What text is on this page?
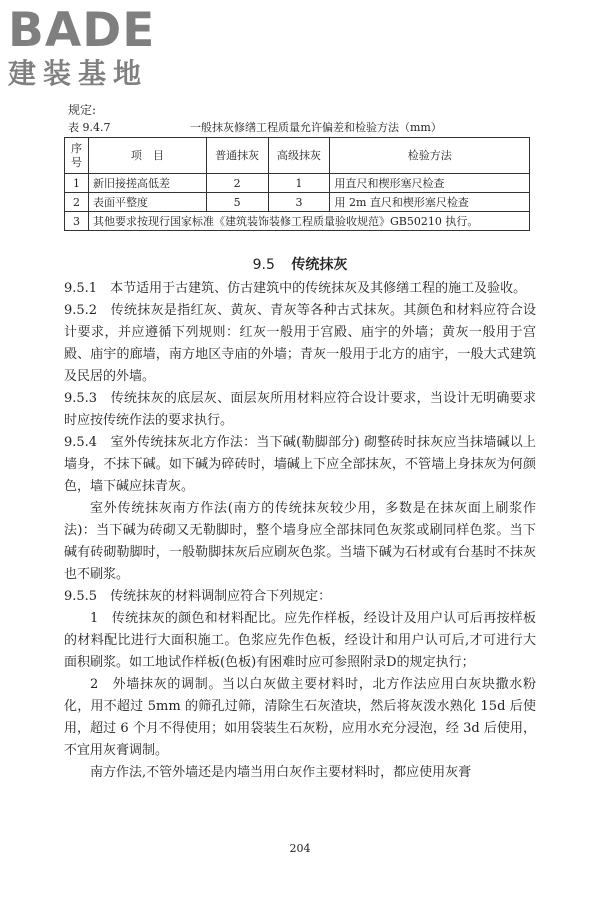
BADE
建装基地
规定:
表 9.4.7	一般抹灰修缮工程质量允许偏差和检验方法（mm）
序号	项　目	普通抹灰	高级抹灰	检验方法
1	新旧接搓高低差	2	1	用直尺和楔形塞尺检查
2	表面平整度	5	3	用 2m 直尺和楔形塞尺检查
3	其他要求按现行国家标准《建筑装饰装修工程质量验收规范》GB50210 执行。			
9.5 传统抹灰

9.5.1　本节适用于古建筑、仿古建筑中的传统抹灰及其修缮工程的施工及验收。

9.5.2　传统抹灰是指红灰、黄灰、青灰等各种古式抹灰。其颜色和材料应符合设计要求，并应遵循下列规则：红灰一般用于宫殿、庙宇的外墙；黄灰一般用于宫殿、庙宇的廊墙，南方地区寺庙的外墙；青灰一般用于北方的庙宇，一般大式建筑及民居的外墙。

9.5.3　传统抹灰的底层灰、面层灰所用材料应符合设计要求，当设计无明确要求时应按传统作法的要求执行。

9.5.4　室外传统抹灰北方作法：当下碱(勒脚部分) 砌整砖时抹灰应当抹墙碱以上墙身，不抹下碱。如下碱为碎砖时，墙碱上下应全部抹灰，不管墙上身抹灰为何颜色，墙下碱应抹青灰。

室外传统抹灰南方作法(南方的传统抹灰较少用，多数是在抹灰面上刷浆作法)：当下碱为砖砌又无勒脚时，整个墙身应全部抹同色灰浆或刷同样色浆。当下碱有砖砌勒脚时，一般勒脚抹灰后应刷灰色浆。当墙下碱为石材或有台基时不抹灰也不刷浆。

9.5.5　传统抹灰的材料调制应符合下列规定：

1　传统抹灰的颜色和材料配比。应先作样板，经设计及用户认可后再按样板的材料配比进行大面积施工。色浆应先作色板，经设计和用户认可后,才可进行大面积刷浆。如工地试作样板(色板)有困难时应可参照附录D的规定执行；

2　外墙抹灰的调制。当以白灰做主要材料时，北方作法应用白灰块撒水粉化，用不超过 5mm 的筛孔过筛，清除生石灰渣块，然后将灰泼水熟化 15d 后使用，超过 6 个月不得使用；如用袋装生石灰粉，应用水充分浸泡，经 3d 后使用，不宜用灰膏调制。

南方作法,不管外墙还是内墙当用白灰作主要材料时，都应使用灰膏

204
